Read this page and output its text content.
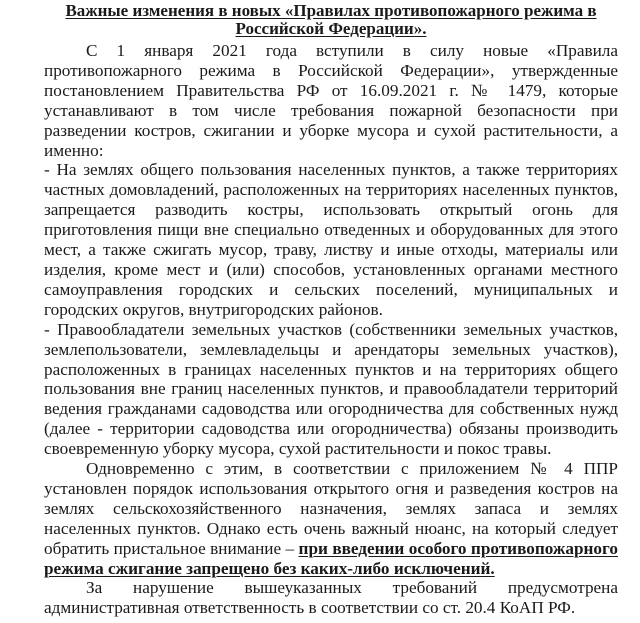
Важные изменения в новых «Правилах противопожарного режима в Российской Федерации».

С 1 января 2021 года вступили в силу новые «Правила противопожарного режима в Российской Федерации», утвержденные постановлением Правительства РФ от 16.09.2021 г. № 1479, которые устанавливают в том числе требования пожарной безопасности при разведении костров, сжигании и уборке мусора и сухой растительности, а именно:

- На землях общего пользования населенных пунктов, а также территориях частных домовладений, расположенных на территориях населенных пунктов, запрещается разводить костры, использовать открытый огонь для приготовления пищи вне специально отведенных и оборудованных для этого мест, а также сжигать мусор, траву, листву и иные отходы, материалы или изделия, кроме мест и (или) способов, установленных органами местного самоуправления городских и сельских поселений, муниципальных и городских округов, внутригородских районов.

- Правообладатели земельных участков (собственники земельных участков, землепользователи, землевладельцы и арендаторы земельных участков), расположенных в границах населенных пунктов и на территориях общего пользования вне границ населенных пунктов, и правообладатели территорий ведения гражданами садоводства или огородничества для собственных нужд (далее - территории садоводства или огородничества) обязаны производить своевременную уборку мусора, сухой растительности и покос травы.

Одновременно с этим, в соответствии с приложением № 4 ППР установлен порядок использования открытого огня и разведения костров на землях сельскохозяйственного назначения, землях запаса и землях населенных пунктов. Однако есть очень важный нюанс, на который следует обратить пристальное внимание – при введении особого противопожарного режима сжигание запрещено без каких-либо исключений.

За нарушение вышеуказанных требований предусмотрена административная ответственность в соответствии со ст. 20.4 КоАП РФ.
